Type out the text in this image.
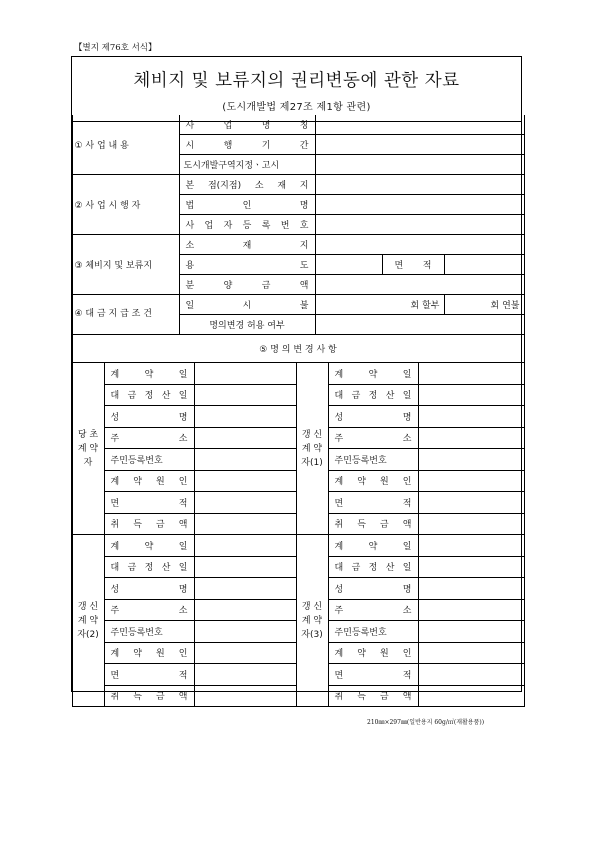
【별지 제76호 서식】
체비지 및 보류지의 권리변동에 관한 자료
(도시개발법 제27조 제1항 관련)
① 사 업 내 용	사 업 명 칭			
	시 행 기 간			
	도시개발구역지정ㆍ고시			
② 사 업 시 행 자	본 점(지점) 소 재 지			
	법 인 명			
	사 업 자 등 록 번 호			
③ 체비지 및 보류지	소 재 지			
	용 도		면 적	
	분 양 금 액			
④ 대 금 지 급 조 건	일 시 불	회 할부		회 연불
	명의변경 허용 여부			
⑤ 명 의 변 경 사 항				
당 초 계 약 자	계 약 일		갱 신 계 약 자(1)	계 약 일	
	대 금 정 산 일			대 금 정 산 일	
	성 명			성 명	
	주 소			주 소	
	주민등록번호			주민등록번호	
	계 약 원 인			계 약 원 인	
	면 적			면 적	
	취 득 금 액			취 득 금 액	
갱 신 계 약 자(2)	계 약 일		갱 신 계 약 자(3)	계 약 일	
	대 금 정 산 일			대 금 정 산 일	
	성 명			성 명	
	주 소			주 소	
	주민등록번호			주민등록번호	
	계 약 원 인			계 약 원 인	
	면 적			면 적	
	취 득 금 액			취 득 금 액	
210㎜×297㎜(일반용지 60g/㎡(재활용품))
